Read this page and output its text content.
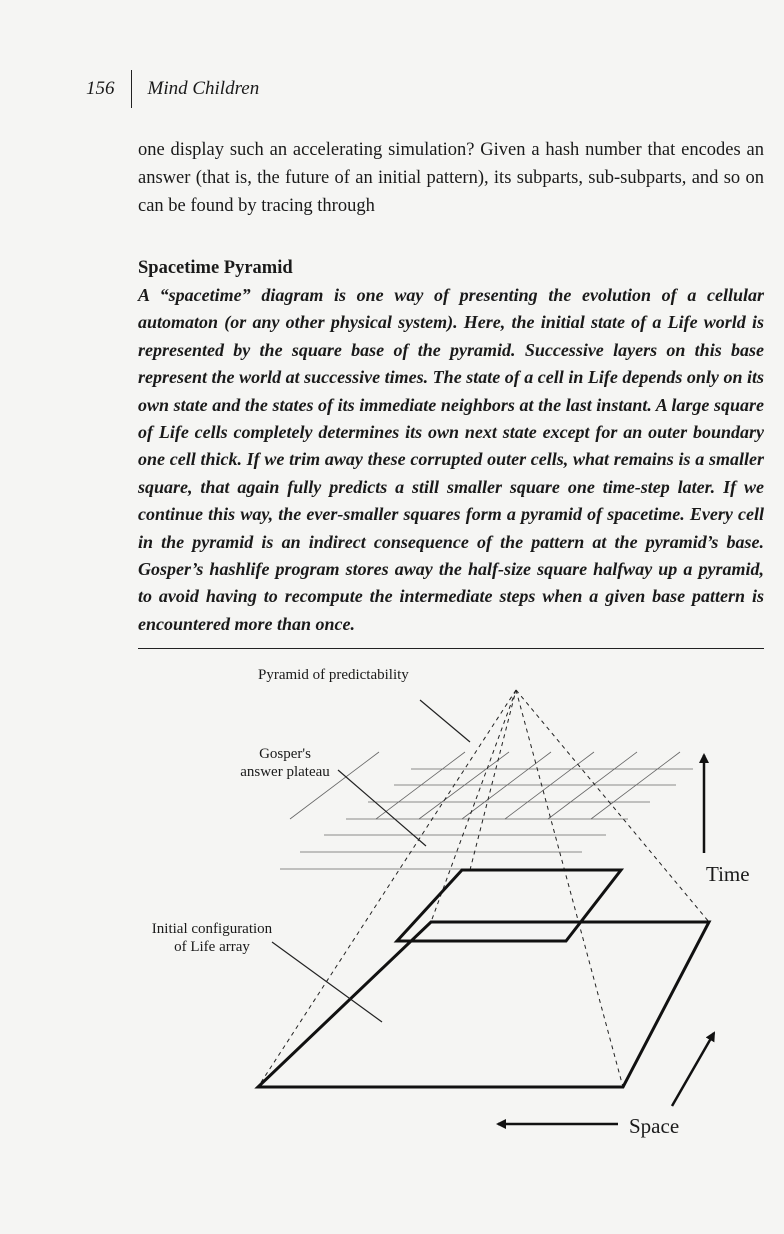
156 Mind Children

one display such an accelerating simulation? Given a hash number that encodes an answer (that is, the future of an initial pattern), its subparts, sub-subparts, and so on can be found by tracing through

Spacetime Pyramid

A “spacetime” diagram is one way of presenting the evolution of a cellular automaton (or any other physical system). Here, the initial state of a Life world is represented by the square base of the pyramid. Successive layers on this base represent the world at successive times. The state of a cell in Life depends only on its own state and the states of its immediate neighbors at the last instant. A large square of Life cells completely determines its own next state except for an outer boundary one cell thick. If we trim away these corrupted outer cells, what remains is a smaller square, that again fully predicts a still smaller square one time-step later. If we continue this way, the ever-smaller squares form a pyramid of spacetime. Every cell in the pyramid is an indirect consequence of the pattern at the pyramid’s base. Gosper’s hashlife program stores away the half-size square halfway up a pyramid, to avoid having to recompute the intermediate steps when a given base pattern is encountered more than once.

Pyramid of predictability
Gosper's
answer plateau
Initial configuration
of Life array
Time
Space
